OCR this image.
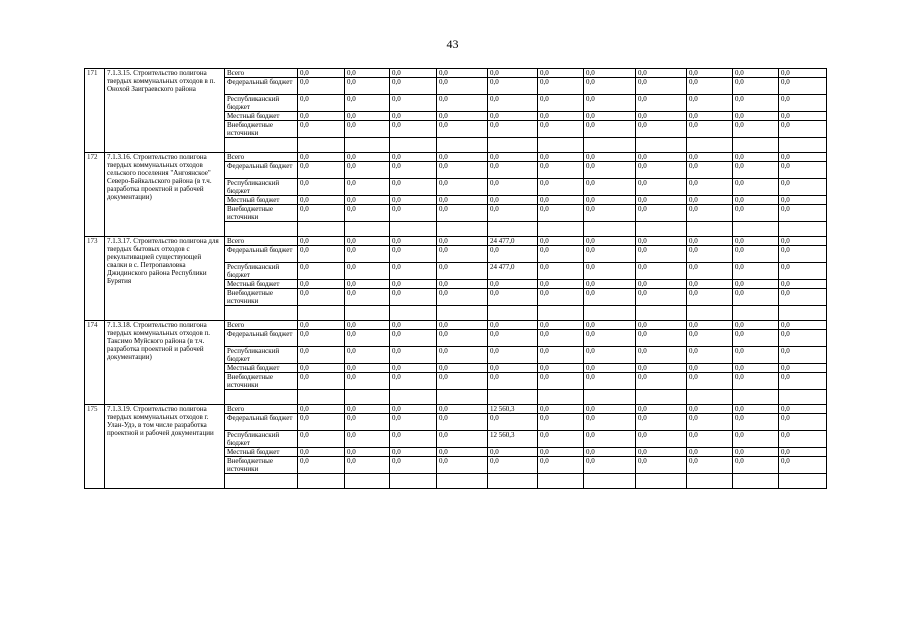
43
171	7.1.3.15. Строительство полигона твердых коммунальных отходов в п. Онохой Заиграевского района	Всего	0,0	0,0	0,0	0,0	0,0	0,0	0,0	0,0	0,0	0,0	0,0
		Федеральный бюджет	0,0	0,0	0,0	0,0	0,0	0,0	0,0	0,0	0,0	0,0	0,0
		Республиканский бюджет	0,0	0,0	0,0	0,0	0,0	0,0	0,0	0,0	0,0	0,0	0,0
		Местный бюджет	0,0	0,0	0,0	0,0	0,0	0,0	0,0	0,0	0,0	0,0	0,0
		Внебюджетные источники	0,0	0,0	0,0	0,0	0,0	0,0	0,0	0,0	0,0	0,0	0,0

172	7.1.3.16. Строительство полигона твердых коммунальных отходов сельского поселения "Ангоянское" Северо-Байкальского района (в т.ч. разработка проектной и рабочей документации)	Всего	0,0	0,0	0,0	0,0	0,0	0,0	0,0	0,0	0,0	0,0	0,0
		Федеральный бюджет	0,0	0,0	0,0	0,0	0,0	0,0	0,0	0,0	0,0	0,0	0,0
		Республиканский бюджет	0,0	0,0	0,0	0,0	0,0	0,0	0,0	0,0	0,0	0,0	0,0
		Местный бюджет	0,0	0,0	0,0	0,0	0,0	0,0	0,0	0,0	0,0	0,0	0,0
		Внебюджетные источники	0,0	0,0	0,0	0,0	0,0	0,0	0,0	0,0	0,0	0,0	0,0

173	7.1.3.17. Строительство полигона для твердых бытовых отходов с рекультивацией существующей свалки в с. Петропавловка Джидинского района Республики Бурятия	Всего	0,0	0,0	0,0	0,0	24 477,0	0,0	0,0	0,0	0,0	0,0	0,0
		Федеральный бюджет	0,0	0,0	0,0	0,0	0,0	0,0	0,0	0,0	0,0	0,0	0,0
		Республиканский бюджет	0,0	0,0	0,0	0,0	24 477,0	0,0	0,0	0,0	0,0	0,0	0,0
		Местный бюджет	0,0	0,0	0,0	0,0	0,0	0,0	0,0	0,0	0,0	0,0	0,0
		Внебюджетные источники	0,0	0,0	0,0	0,0	0,0	0,0	0,0	0,0	0,0	0,0	0,0

174	7.1.3.18. Строительство полигона твердых коммунальных отходов п. Таксимо Муйского района (в т.ч. разработка проектной и рабочей документации)	Всего	0,0	0,0	0,0	0,0	0,0	0,0	0,0	0,0	0,0	0,0	0,0
		Федеральный бюджет	0,0	0,0	0,0	0,0	0,0	0,0	0,0	0,0	0,0	0,0	0,0
		Республиканский бюджет	0,0	0,0	0,0	0,0	0,0	0,0	0,0	0,0	0,0	0,0	0,0
		Местный бюджет	0,0	0,0	0,0	0,0	0,0	0,0	0,0	0,0	0,0	0,0	0,0
		Внебюджетные источники	0,0	0,0	0,0	0,0	0,0	0,0	0,0	0,0	0,0	0,0	0,0

175	7.1.3.19. Строительство полигона твердых коммунальных отходов г. Улан-Удэ, в том числе разработка проектной и рабочей документации	Всего	0,0	0,0	0,0	0,0	12 560,3	0,0	0,0	0,0	0,0	0,0	0,0
		Федеральный бюджет	0,0	0,0	0,0	0,0	0,0	0,0	0,0	0,0	0,0	0,0	0,0
		Республиканский бюджет	0,0	0,0	0,0	0,0	12 560,3	0,0	0,0	0,0	0,0	0,0	0,0
		Местный бюджет	0,0	0,0	0,0	0,0	0,0	0,0	0,0	0,0	0,0	0,0	0,0
		Внебюджетные источники	0,0	0,0	0,0	0,0	0,0	0,0	0,0	0,0	0,0	0,0	0,0
